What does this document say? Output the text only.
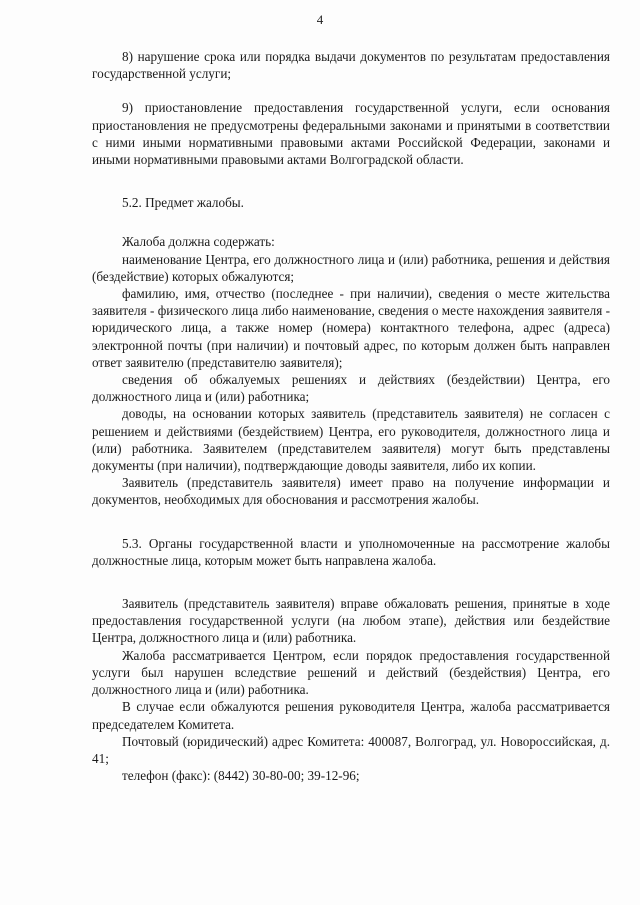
4

8) нарушение срока или порядка выдачи документов по результатам предоставления государственной услуги;

9) приостановление предоставления государственной услуги, если основания приостановления не предусмотрены федеральными законами и принятыми в соответствии с ними иными нормативными правовыми актами Российской Федерации, законами и иными нормативными правовыми актами Волгоградской области.

5.2. Предмет жалобы.

Жалоба должна содержать:

наименование Центра, его должностного лица и (или) работника, решения и действия (бездействие) которых обжалуются;

фамилию, имя, отчество (последнее - при наличии), сведения о месте жительства заявителя - физического лица либо наименование, сведения о месте нахождения заявителя - юридического лица, а также номер (номера) контактного телефона, адрес (адреса) электронной почты (при наличии) и почтовый адрес, по которым должен быть направлен ответ заявителю (представителю заявителя);

сведения об обжалуемых решениях и действиях (бездействии) Центра, его должностного лица и (или) работника;

доводы, на основании которых заявитель (представитель заявителя) не согласен с решением и действиями (бездействием) Центра, его руководителя, должностного лица и (или) работника. Заявителем (представителем заявителя) могут быть представлены документы (при наличии), подтверждающие доводы заявителя, либо их копии.

Заявитель (представитель заявителя) имеет право на получение информации и документов, необходимых для обоснования и рассмотрения жалобы.

5.3. Органы государственной власти и уполномоченные на рассмотрение жалобы должностные лица, которым может быть направлена жалоба.

Заявитель (представитель заявителя) вправе обжаловать решения, принятые в ходе предоставления государственной услуги (на любом этапе), действия или бездействие Центра, должностного лица и (или) работника.

Жалоба рассматривается Центром, если порядок предоставления государственной услуги был нарушен вследствие решений и действий (бездействия) Центра, его должностного лица и (или) работника.

В случае если обжалуются решения руководителя Центра, жалоба рассматривается председателем Комитета.

Почтовый (юридический) адрес Комитета: 400087, Волгоград, ул. Новороссийская, д. 41;

телефон (факс): (8442) 30-80-00; 39-12-96;
